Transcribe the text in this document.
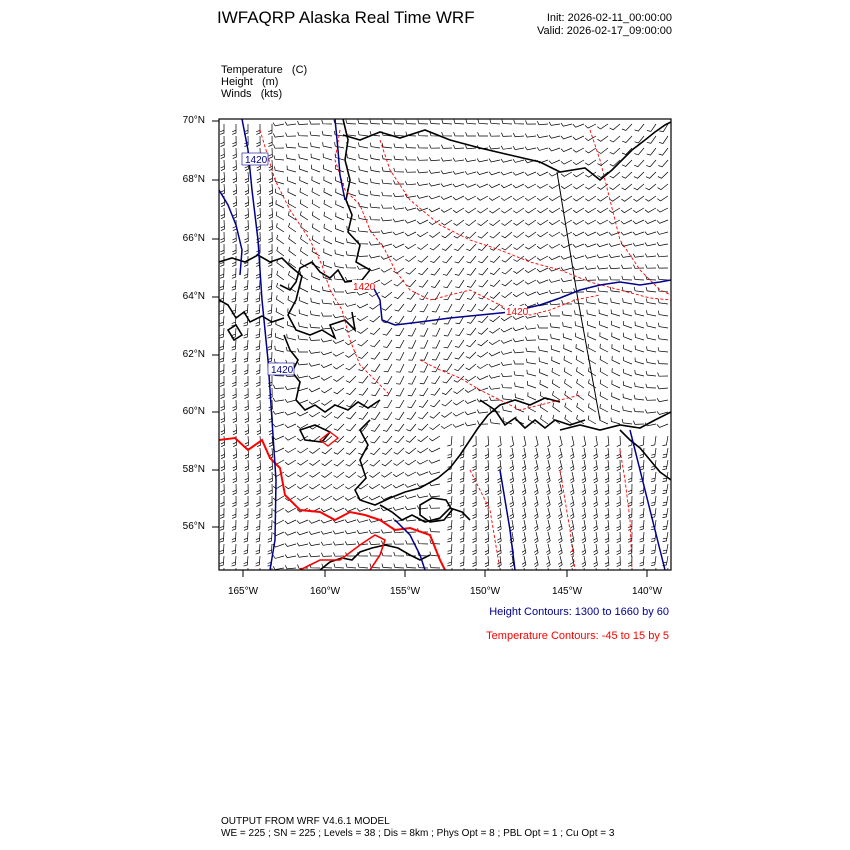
1420
1420
1420
1420
IWFAQRP Alaska Real Time WRF	Init: 2026-02-11_00:00:00
Valid: 2026-02-17_09:00:00
Temperature   (C)
Height   (m)
Winds   (kts)
70°N
68°N
66°N
64°N
62°N
60°N
58°N
56°N
165°W	160°W	155°W	150°W	145°W	140°W
Height Contours: 1300 to 1660 by 60
Temperature Contours: -45 to 15 by 5
OUTPUT FROM WRF V4.6.1 MODEL
WE = 225 ; SN = 225 ; Levels = 38 ; Dis = 8km ; Phys Opt = 8 ; PBL Opt = 1 ; Cu Opt = 3
